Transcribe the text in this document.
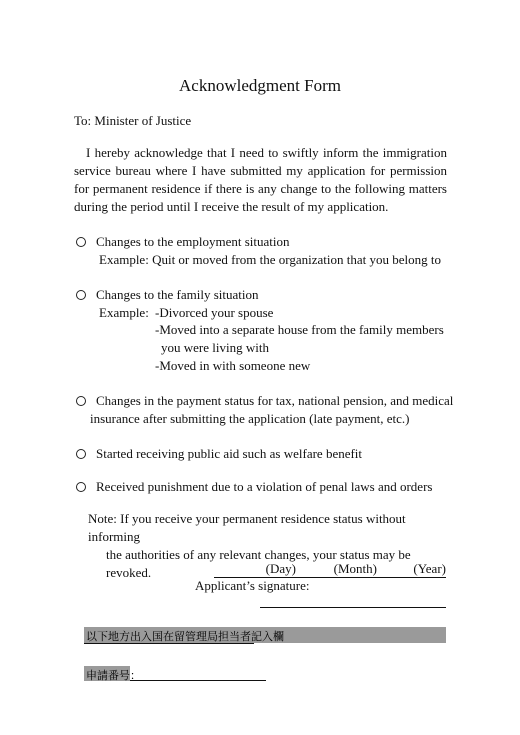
Acknowledgment Form
To: Minister of Justice
I hereby acknowledge that I need to swiftly inform the immigration service bureau where I have submitted my application for permission for permanent residence if there is any change to the following matters during the period until I receive the result of my application.
Changes to the employment situation
Example: Quit or moved from the organization that you belong to
Changes to the family situation
Example: -Divorced your spouse
-Moved into a separate house from the family members
you were living with
-Moved in with someone new
Changes in the payment status for tax, national pension, and medical
insurance after submitting the application (late payment, etc.)
Started receiving public aid such as welfare benefit
Received punishment due to a violation of penal laws and orders
Note: If you receive your permanent residence status without informing
the authorities of any relevant changes, your status may be revoked.	(Day)	(Month)	(Year)
Applicant’s signature:
以下地方出入国在留管理局担当者記入欄
申請番号：
